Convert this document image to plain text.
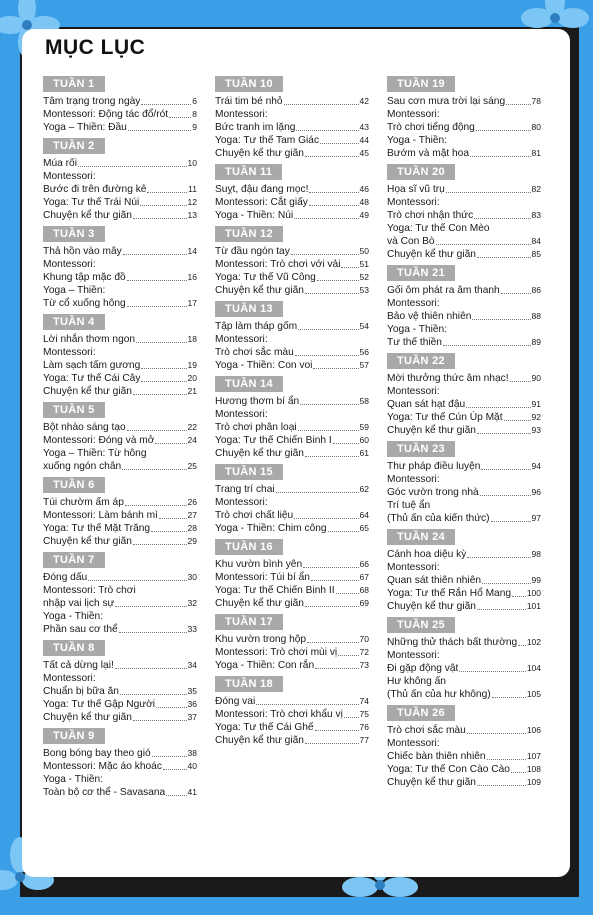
MỤC LỤC
TUẦN 1
Tâm trạng trong ngày	6
Montessori: Động tác đổ/rót	8
Yoga – Thiền: Đầu	9
TUẦN 2
Múa rối	10
Montessori:
Bước đi trên đường kẻ	11
Yoga: Tư thế Trái Núi	12
Chuyện kể thư giãn	13
TUẦN 3
Thả hồn vào mây	14
Montessori:
Khung tập mặc đồ	16
Yoga – Thiền:
Từ cổ xuống hông	17
TUẦN 4
Lời nhắn thơm ngon	18
Montessori:
Làm sạch tấm gương	19
Yoga: Tư thế Cái Cây	20
Chuyện kể thư giãn	21
TUẦN 5
Bột nhào sáng tạo	22
Montessori: Đóng và mở	24
Yoga – Thiền: Từ hông
xuống ngón chân	25
TUẦN 6
Túi chườm ấm áp	26
Montessori: Làm bánh mì	27
Yoga: Tư thế Mặt Trăng	28
Chuyện kể thư giãn	29
TUẦN 7
Đóng dấu	30
Montessori: Trò chơi
nhập vai lịch sự	32
Yoga - Thiền:
Phần sau cơ thể	33
TUẦN 8
Tất cả dừng lại!	34
Montessori:
Chuẩn bị bữa ăn	35
Yoga: Tư thế Gập Người	36
Chuyện kể thư giãn	37
TUẦN 9
Bong bóng bay theo gió	38
Montessori: Mặc áo khoác	40
Yoga - Thiền:
Toàn bộ cơ thể - Savasana	41
TUẦN 10
Trái tim bé nhỏ	42
Montessori:
Bức tranh im lặng	43
Yoga: Tư thế Tam Giác	44
Chuyện kể thư giãn	45
TUẦN 11
Suỵt, đậu đang mọc!	46
Montessori: Cắt giấy	48
Yoga - Thiền: Núi	49
TUẦN 12
Từ đầu ngón tay	50
Montessori: Trò chơi với vải 51
Yoga: Tư thế Vũ Công	52
Chuyện kể thư giãn	53
TUẦN 13
Tập làm tháp gốm	54
Montessori:
Trò chơi sắc màu	56
Yoga - Thiền: Con voi	57
TUẦN 14
Hương thơm bí ẩn	58
Montessori:
Trò chơi phân loại	59
Yoga: Tư thế Chiến Binh I	60
Chuyện kể thư giãn	61
TUẦN 15
Trang trí chai	62
Montessori:
Trò chơi chất liệu	64
Yoga - Thiền: Chim công	65
TUẦN 16
Khu vườn bình yên	66
Montessori: Túi bí ẩn	67
Yoga: Tư thế Chiến Binh II	68
Chuyện kể thư giãn	69
TUẦN 17
Khu vườn trong hộp	70
Montessori: Trò chơi mùi vị	72
Yoga - Thiền: Con rắn	73
TUẦN 18
Đóng vai	74
Montessori: Trò chơi khẩu vị 75
Yoga: Tư thế Cái Ghế	76
Chuyện kể thư giãn	77
TUẦN 19
Sau cơn mưa trời lại sáng	78
Montessori:
Trò chơi tiếng động	80
Yoga - Thiền:
Bướm và mặt hoa	81
TUẦN 20
Họa sĩ vũ trụ	82
Montessori:
Trò chơi nhận thức	83
Yoga: Tư thế Con Mèo
và Con Bò	84
Chuyện kể thư giãn	85
TUẦN 21
Gối ôm phát ra âm thanh	86
Montessori:
Bảo vệ thiên nhiên	88
Yoga - Thiền:
Tư thế thiền	89
TUẦN 22
Mời thưởng thức âm nhạc!	90
Montessori:
Quan sát hạt đậu	91
Yoga: Tư thế Cún Úp Mặt	92
Chuyện kể thư giãn	93
TUẦN 23
Thư pháp điều luyện	94
Montessori:
Góc vườn trong nhà	96
Trí tuệ ẩn
(Thủ ấn của kiến thức)	97
TUẦN 24
Cánh hoa diệu kỳ	98
Montessori:
Quan sát thiên nhiên	99
Yoga: Tư thế Rắn Hổ Mang 100
Chuyện kể thư giãn	101
TUẦN 25
Những thử thách bất thường 102
Montessori:
Đi gặp động vật	104
Hư không ấn
(Thủ ấn của hư không)	105
TUẦN 26
Trò chơi sắc màu	106
Montessori:
Chiếc bàn thiên nhiên	107
Yoga: Tư thế Con Cào Cào 108
Chuyện kể thư giãn	109
